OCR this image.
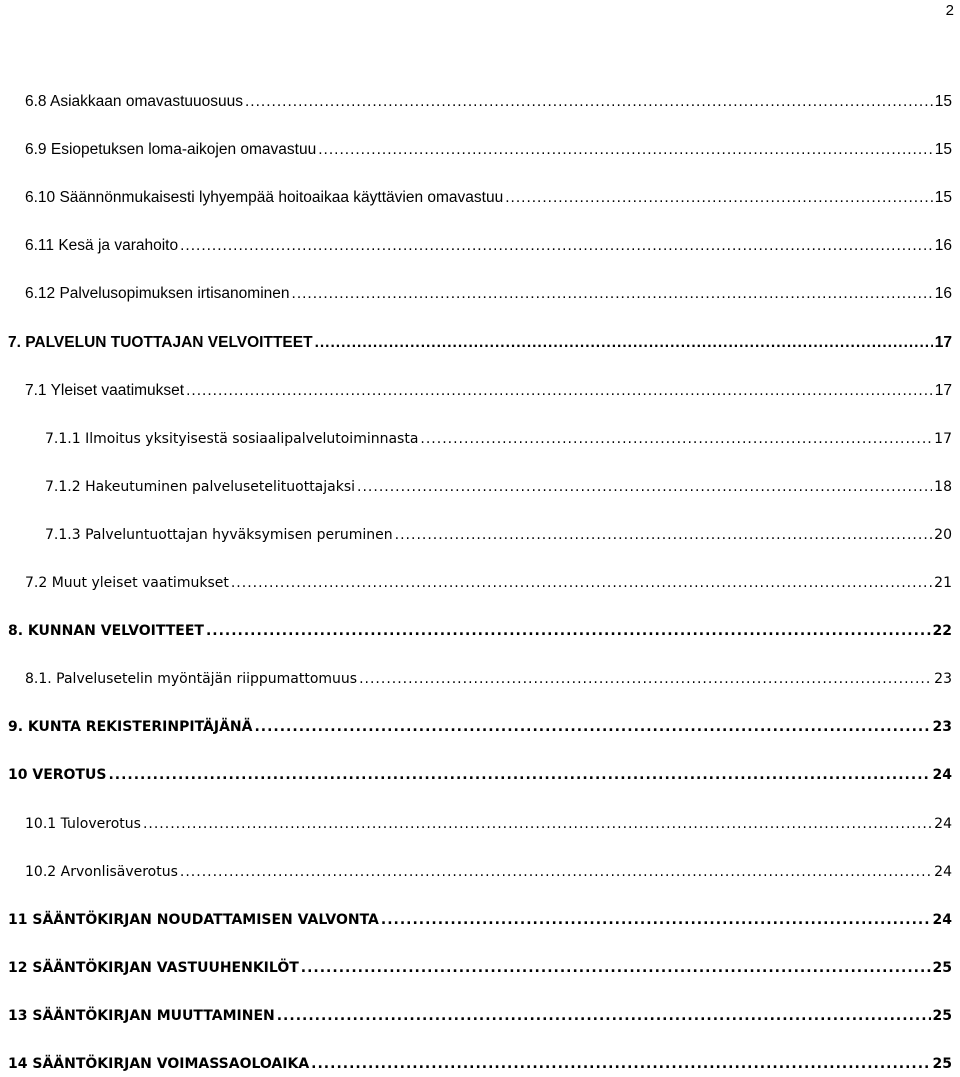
2
6.8 Asiakkaan omavastuuosuus .....	15
6.9 Esiopetuksen loma-aikojen omavastuu .....	15
6.10 Säännönmukaisesti lyhyempää hoitoaikaa käyttävien omavastuu .....	15
6.11 Kesä ja varahoito .....	16
6.12 Palvelusopimuksen irtisanominen .....	16
7. PALVELUN TUOTTAJAN VELVOITTEET .....	17
7.1 Yleiset vaatimukset .....	17
7.1.1 Ilmoitus yksityisestä sosiaalipalvelutoiminnasta .....	17
7.1.2 Hakeutuminen palvelusetelituottajaksi .....	18
7.1.3 Palveluntuottajan hyväksymisen peruminen .....	20
7.2 Muut yleiset vaatimukset .....	21
8. KUNNAN VELVOITTEET .....	22
8.1. Palvelusetelin myöntäjän riippumattomuus .....	23
9. KUNTA REKISTERINPITÄJÄNÄ .....	23
10 VEROTUS .....	24
10.1 Tuloverotus .....	24
10.2 Arvonlisäverotus .....	24
11 SÄÄNTÖKIRJAN NOUDATTAMISEN VALVONTA .....	24
12 SÄÄNTÖKIRJAN VASTUUHENKILÖT .....	25
13 SÄÄNTÖKIRJAN MUUTTAMINEN .....	25
14 SÄÄNTÖKIRJAN VOIMASSAOLOAIKA .....	25
